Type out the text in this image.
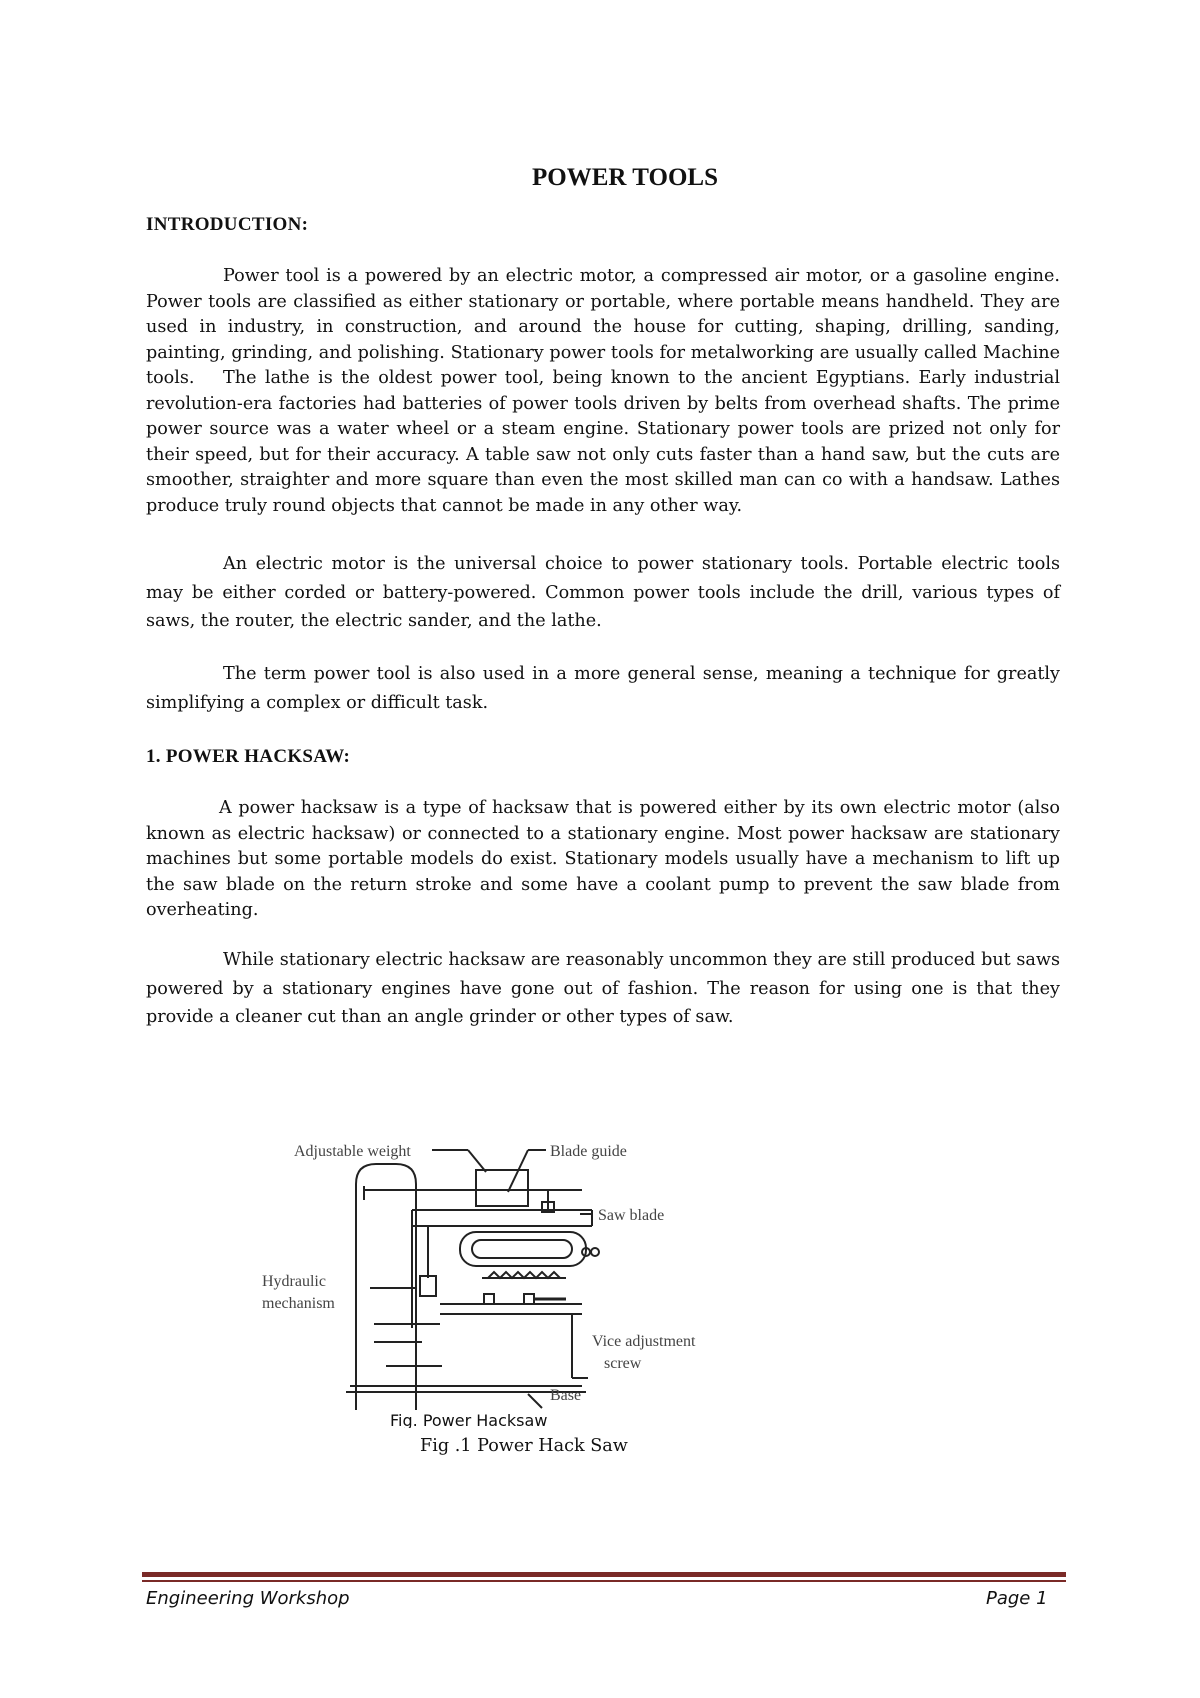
POWER TOOLS
INTRODUCTION:

Power tool is a powered by an electric motor, a compressed air motor, or a gasoline engine. Power tools are classified as either stationary or portable, where portable means handheld. They are used in industry, in construction, and around the house for cutting, shaping, drilling, sanding, painting, grinding, and polishing. Stationary power tools for metalworking are usually called Machine tools.	The lathe is the oldest power tool, being known to the ancient Egyptians. Early industrial revolution-era factories had batteries of power tools driven by belts from overhead shafts. The prime power source was a water wheel or a steam engine. Stationary power tools are prized not only for their speed, but for their accuracy. A table saw not only cuts faster than a hand saw, but the cuts are smoother, straighter and more square than even the most skilled man can co with a handsaw. Lathes produce truly round objects that cannot be made in any other way.

An electric motor is the universal choice to power stationary tools. Portable electric tools may be either corded or battery-powered. Common power tools include the drill, various types of saws, the router, the electric sander, and the lathe.

The term power tool is also used in a more general sense, meaning a technique for greatly simplifying a complex or difficult task.

1. POWER HACKSAW:

A power hacksaw is a type of hacksaw that is powered either by its own electric motor (also known as electric hacksaw) or connected to a stationary engine. Most power hacksaw are stationary machines but some portable models do exist. Stationary models usually have a mechanism to lift up the saw blade on the return stroke and some have a coolant pump to prevent the saw blade from overheating.

While stationary electric hacksaw are reasonably uncommon they are still produced but saws powered by a stationary engines have gone out of fashion. The reason for using one is that they provide a cleaner cut than an angle grinder or other types of saw.

Adjustable weight	Blade guide
Saw blade
Hydraulic
mechanism
Vice adjustment
screw
Base
Fig. Power Hacksaw
Fig .1 Power Hack Saw
Engineering Workshop	Page 1
